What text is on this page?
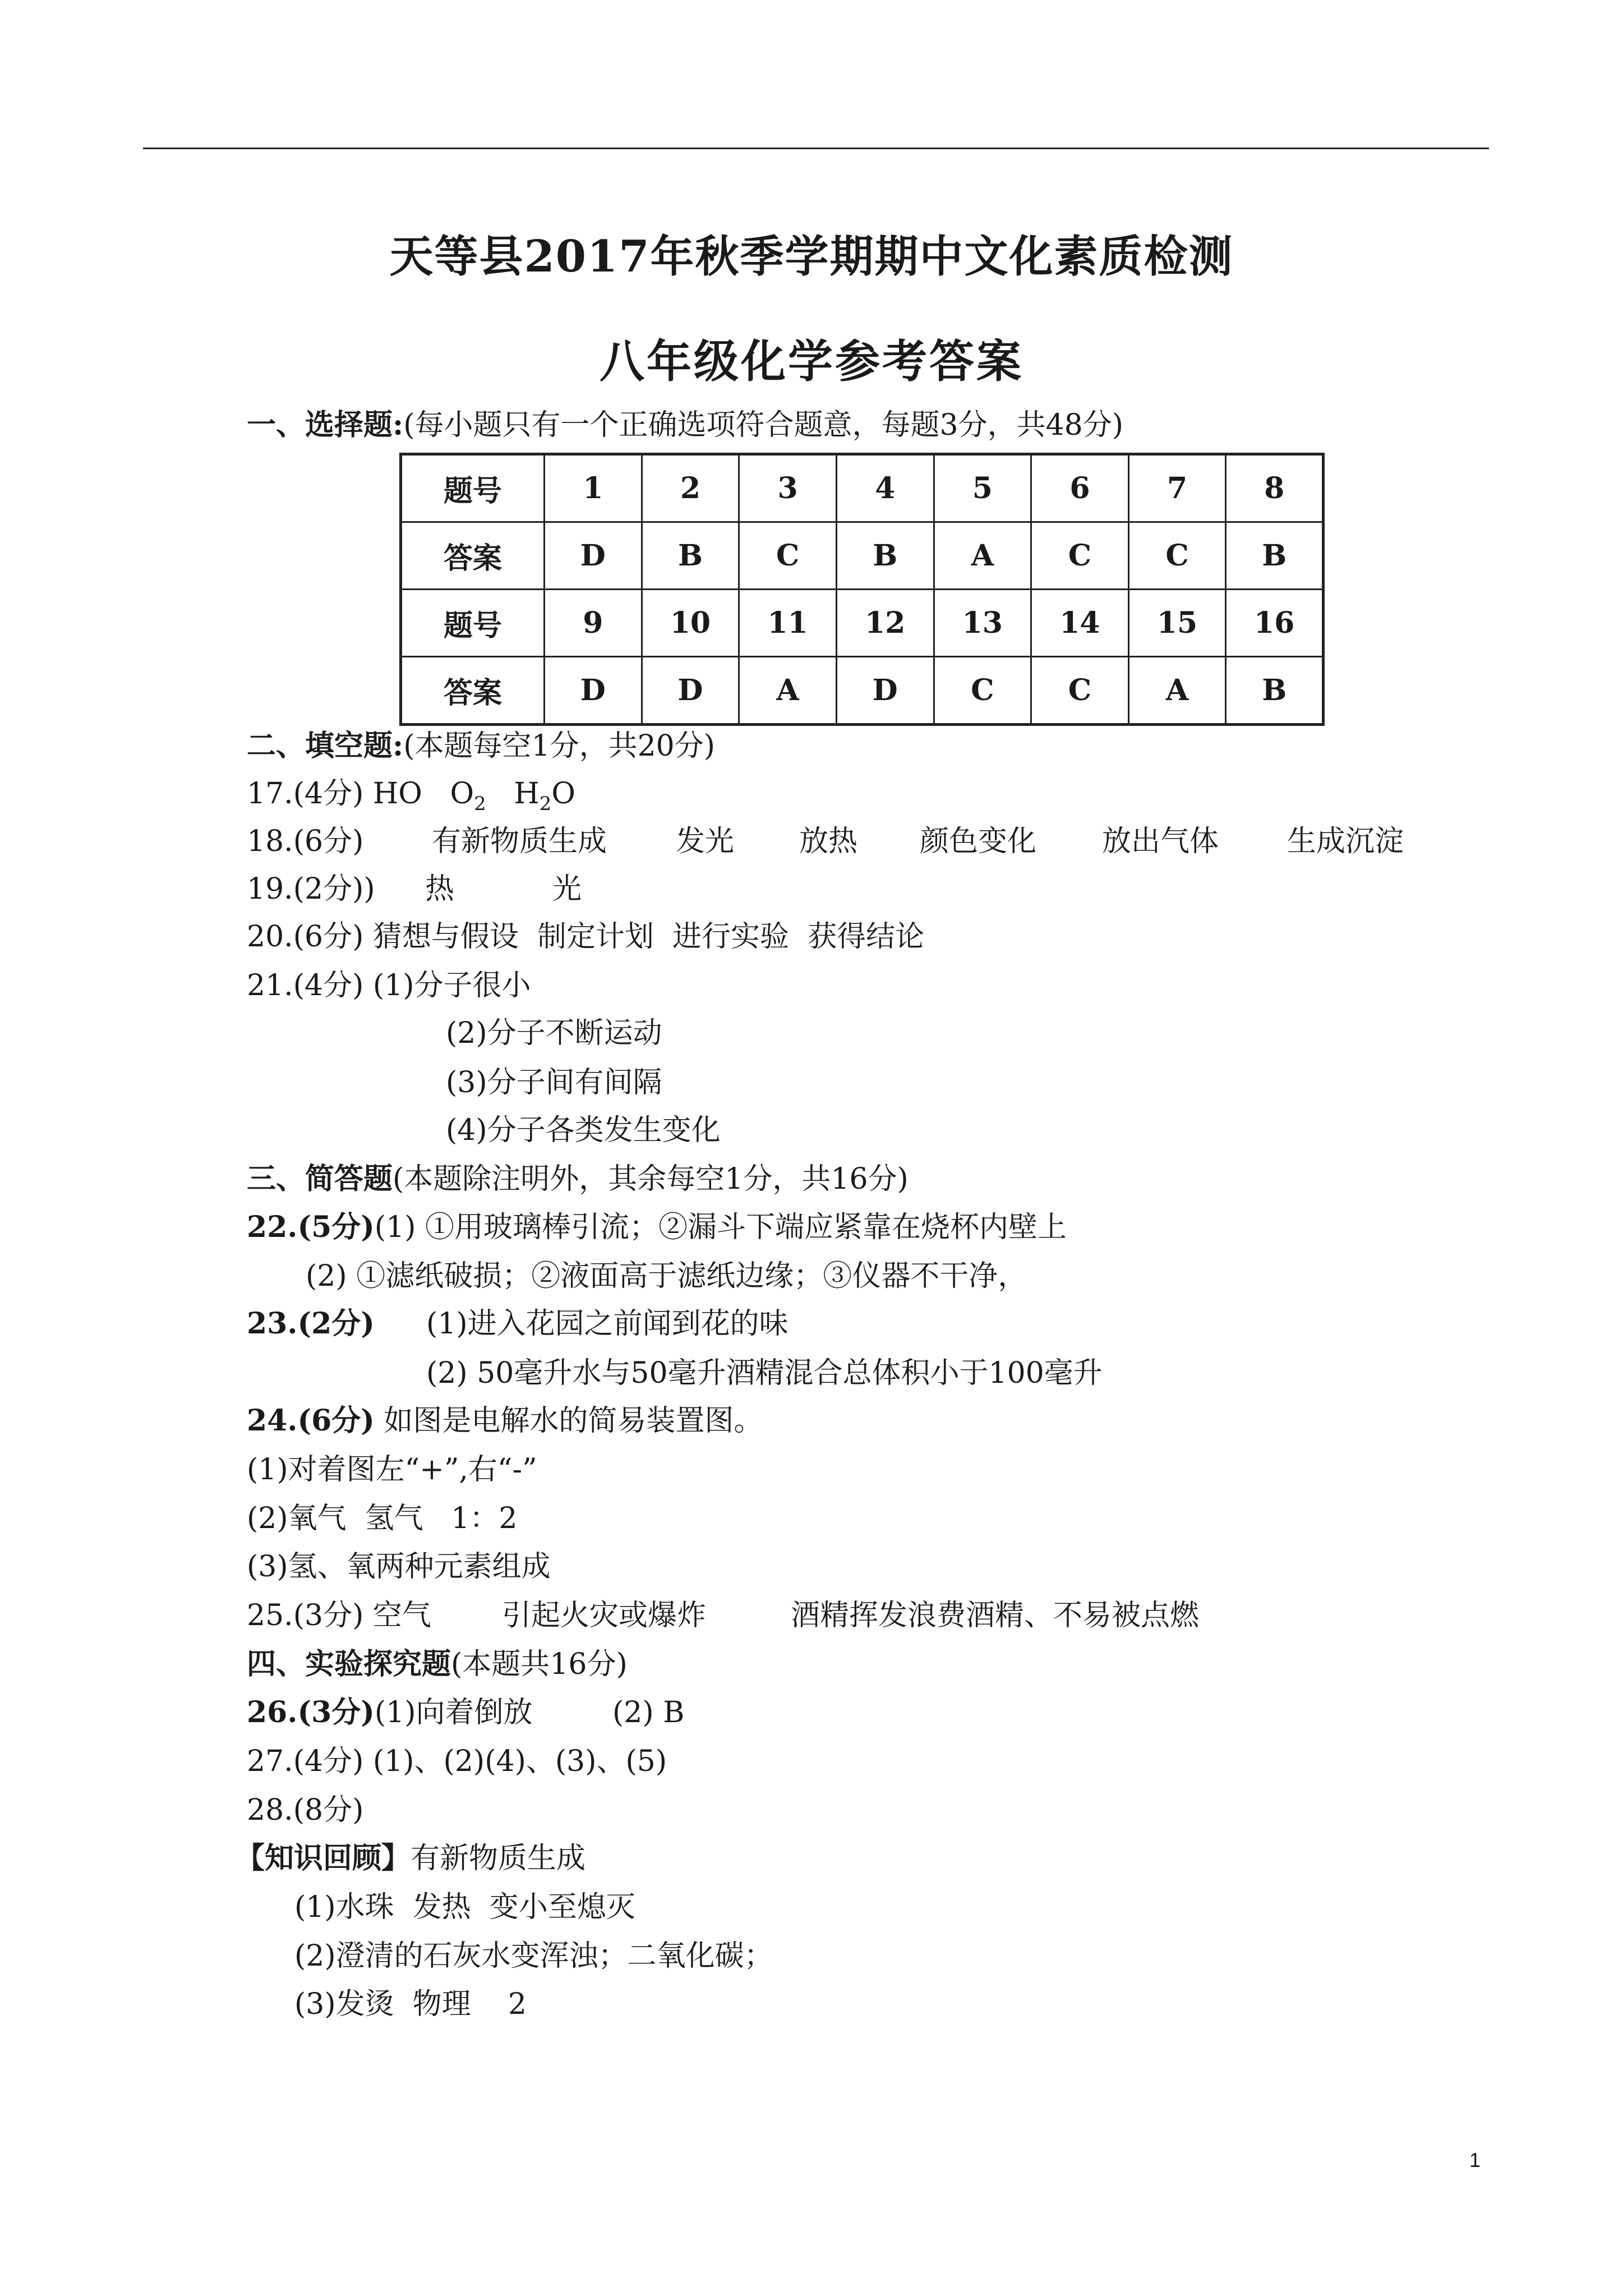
天等县2017年秋季学期期中文化素质检测
八年级化学参考答案
一、选择题:(每小题只有一个正确选项符合题意，每题3分，共48分)
题号	1	2	3	4	5	6	7	8
答案	D	B	C	B	A	C	C	B
题号	9	10	11	12	13	14	15	16
答案	D	D	A	D	C	C	A	B
二、填空题:(本题每空1分，共20分)
17.(4分) HO $O_2$ $H_2O$
18.(6分) 有新物质生成 发光 放热 颜色变化 放出气体 生成沉淀
19.(2分)) 热	光
20.(6分) 猜想与假设  制定计划  进行实验  获得结论
21.(4分) (1)分子很小
(2)分子不断运动
(3)分子间有间隔
(4)分子各类发生变化
三、简答题(本题除注明外，其余每空1分，共16分)
22.(5分)(1) ①用玻璃棒引流；②漏斗下端应紧靠在烧杯内壁上
(2) ①滤纸破损；②液面高于滤纸边缘；③仪器不干净，
23.(2分) (1)进入花园之前闻到花的味
(2) 50毫升水与50毫升酒精混合总体积小于100毫升
24.(6分) 如图是电解水的简易装置图。
(1)对着图左“+”,右“-”
(2)氧气  氢气   1：2
(3)氢、氧两种元素组成
25.(3分) 空气 引起火灾或爆炸	酒精挥发浪费酒精、不易被点燃
四、实验探究题(本题共16分)
26.(3分)(1)向着倒放	(2) B
27.(4分) (1)、(2)(4)、(3)、(5)
28.(8分)
【知识回顾】有新物质生成
(1)水珠  发热  变小至熄灭
(2)澄清的石灰水变浑浊；二氧化碳；
(3)发烫  物理    2
1
